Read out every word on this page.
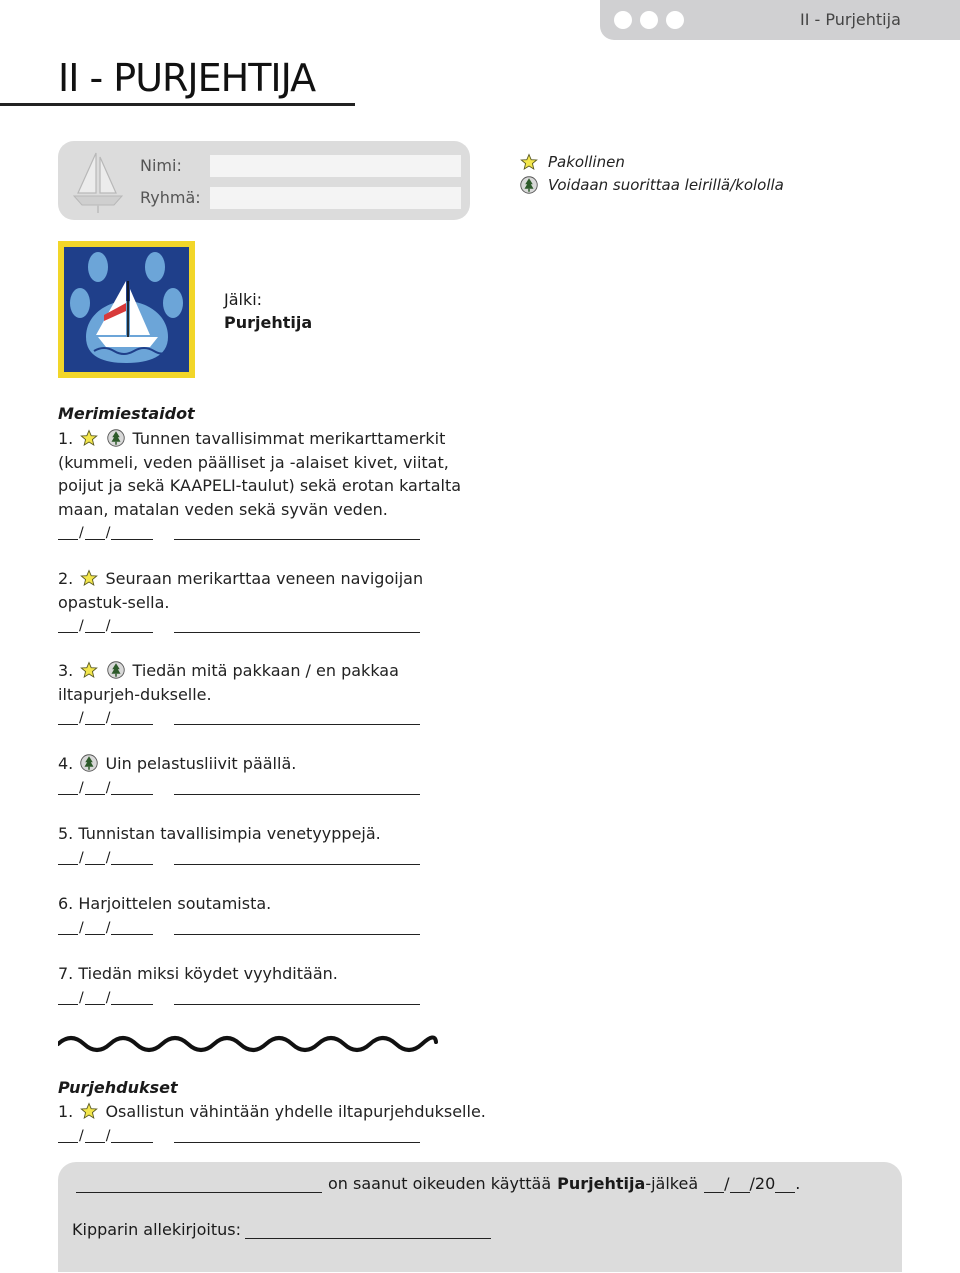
II - Purjehtija
II - PURJEHTIJA
Nimi:
Ryhmä:
Pakollinen
Voidaan suorittaa leirillä/kololla
Jälki:
Purjehtija
Merimiestaidot
1.	Tunnen tavallisimmat merikarttamerkit (kummeli, veden päälliset ja -alaiset kivet, viitat, poijut ja sekä KAAPELI-taulut) sekä erotan kartalta maan, matalan veden sekä syvän veden.
/ /
2. Seuraan merikarttaa veneen navigoijan opastuk-sella.
/ /
3.	Tiedän mitä pakkaan / en pakkaa iltapurjeh-dukselle.
/ /
4. Uin pelastusliivit päällä.
/ /
5. Tunnistan tavallisimpia venetyyppejä.
/ /
6. Harjoittelen soutamista.
/ /
7. Tiedän miksi köydet vyyhditään.
/ /
Purjehdukset
1. Osallistun vähintään yhdelle iltapurjehdukselle.
/ /
on saanut oikeuden käyttää Purjehtija -jälkeä / /20 .
Kipparin allekirjoitus:
